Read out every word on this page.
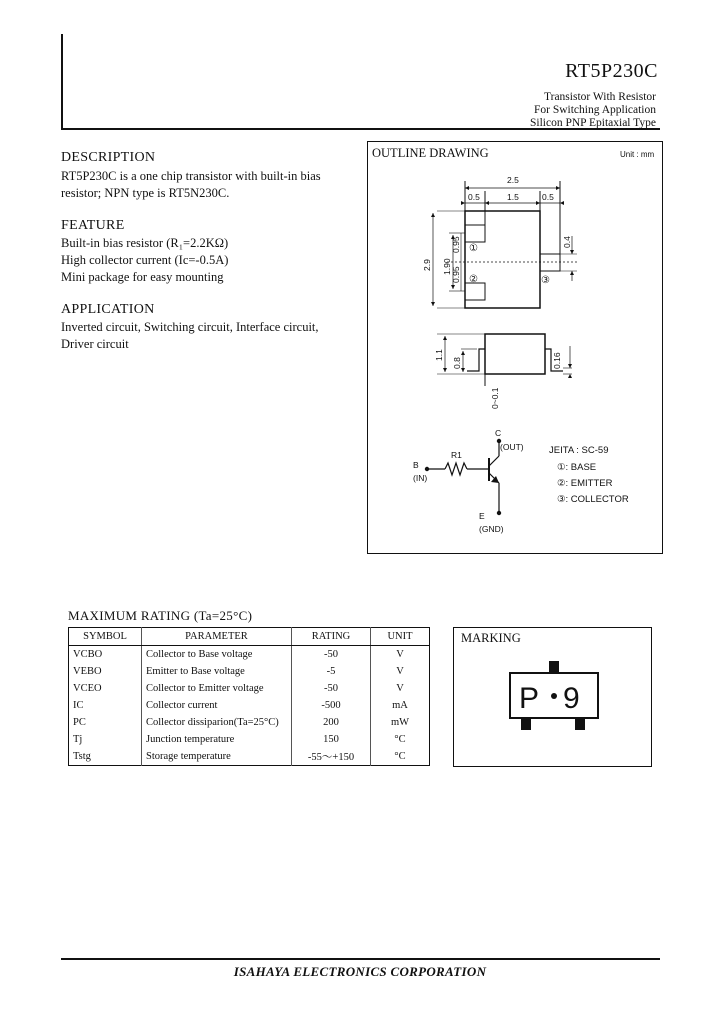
RT5P230C
Transistor With Resistor
For Switching Application
Silicon PNP Epitaxial Type
DESCRIPTION
RT5P230C is a one chip transistor with built-in bias
resistor; NPN type is RT5N230C.
FEATURE
Built-in bias resistor (R₁=2.2KΩ)
High collector current (Ic=-0.5A)
Mini package for easy mounting
APPLICATION
Inverted circuit, Switching circuit, Interface circuit,
Driver circuit
OUTLINE DRAWING	Unit : mm
2.5
0.5	1.5	0.5
2.9 1.90
0.95
0.95
0.4
1.1
0.8	0.16
0~0.1
①
②	③
C
(OUT)
R1
B
(IN)
E
(GND)
JEITA : SC-59
①: BASE
②: EMITTER
③: COLLECTOR
MAXIMUM RATING (Ta=25°C)
SYMBOL	PARAMETER	RATING	UNIT
VCBO	Collector to Base voltage	-50	V
VEBO	Emitter to Base voltage	-5	V
VCEO	Collector to Emitter voltage	-50	V
IC	Collector current	-500	mA
PC	Collector dissiparion(Ta=25°C)	200	mW
Tj	Junction temperature	150	°C
Tstg	Storage temperature	-55～+150	°C
MARKING
P 9
ISAHAYA ELECTRONICS CORPORATION
